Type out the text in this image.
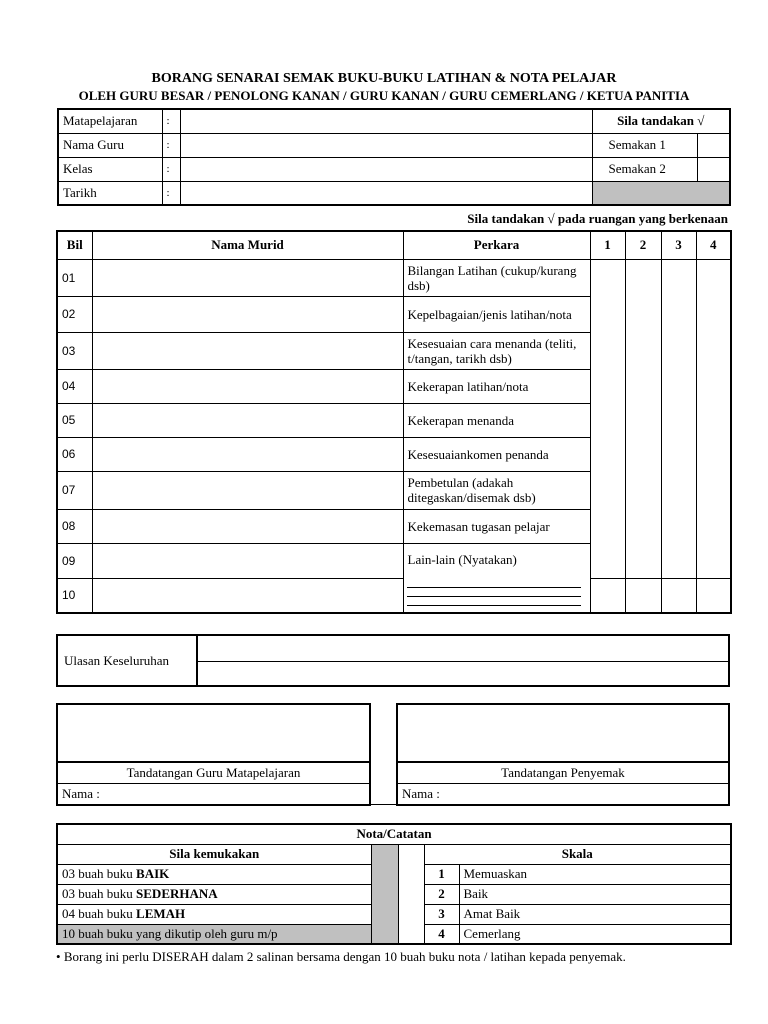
BORANG SENARAI SEMAK BUKU-BUKU LATIHAN & NOTA PELAJAR
OLEH GURU BESAR / PENOLONG KANAN / GURU KANAN / GURU CEMERLANG / KETUA PANITIA
Matapelajaran	:		Sila tandakan √	
Nama Guru	:		Semakan 1	
Kelas	:		Semakan 2	
Tarikh	:			
Sila tandakan √ pada ruangan yang berkenaan
Bil	Nama Murid	Perkara	1	2	3	4
01		Bilangan Latihan (cukup/kurang dsb)				
02		Kepelbagaian/jenis latihan/nota				
03		Kesesuaian cara menanda (teliti, t/tangan, tarikh dsb)				
04		Kekerapan latihan/nota				
05		Kekerapan menanda				
06		Kesesuaiankomen penanda				
07		Pembetulan (adakah ditegaskan/disemak dsb)				
08		Kekemasan tugasan pelajar				
09		Lain-lain (Nyatakan)				
10						
Ulasan Keseluruhan
Tandatangan Guru Matapelajaran
Nama :
Tandatangan Penyemak
Nama :
Nota/Catatan				
Sila kemukakan			Skala	
03 buah buku BAIK			1	Memuaskan
03 buah buku SEDERHANA			2	Baik
04 buah buku LEMAH			3	Amat Baik
10 buah buku yang dikutip oleh guru m/p			4	Cemerlang
• Borang ini perlu DISERAH dalam 2 salinan bersama dengan 10 buah buku nota / latihan kepada penyemak.
